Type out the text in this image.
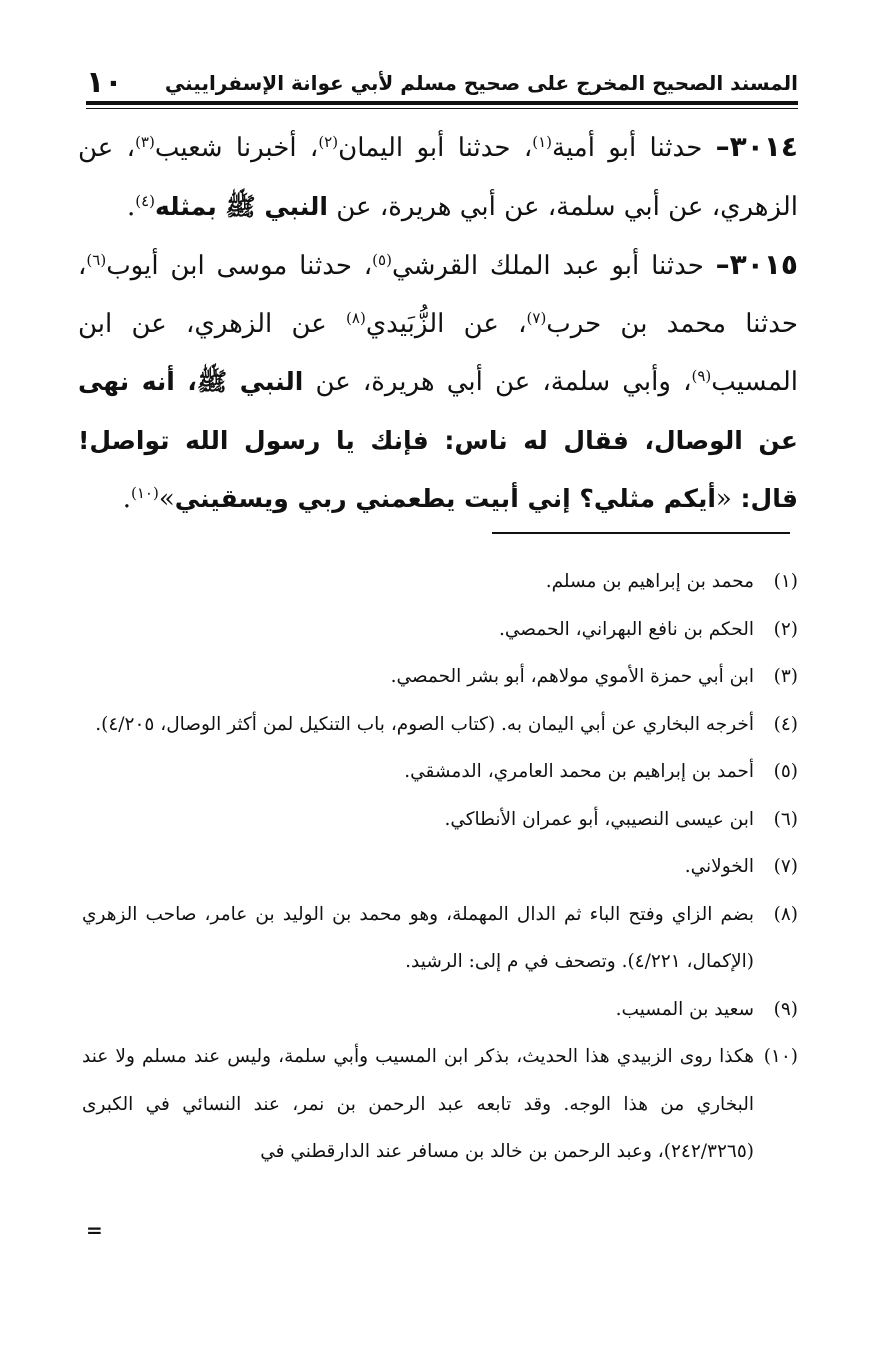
١٠ المسند الصحيح المخرج على صحيح مسلم لأبي عوانة الإسفراييني

٣٠١٤– حدثنا أبو أمية$^{(١)}$، حدثنا أبو اليمان$^{(٢)}$، أخبرنا شعيب$^{(٣)}$، عن الزهري، عن أبي سلمة، عن أبي هريرة، عن النبي ﷺ بمثله$^{(٤)}$.

٣٠١٥– حدثنا أبو عبد الملك القرشي$^{(٥)}$، حدثنا موسى ابن أيوب$^{(٦)}$، حدثنا محمد بن حرب$^{(٧)}$، عن الزُّبَيدي$^{(٨)}$ عن الزهري، عن ابن المسيب$^{(٩)}$، وأبي سلمة، عن أبي هريرة، عن النبي ﷺ، أنه نهى عن الوصال، فقال له ناس: فإنك يا رسول الله تواصل! قال: «أيكم مثلي؟ إني أبيت يطعمني ربي ويسقيني»$^{(١٠)}$.

(١)محمد بن إبراهيم بن مسلم.

(٢)الحكم بن نافع البهراني، الحمصي.

(٣)ابن أبي حمزة الأموي مولاهم، أبو بشر الحمصي.

(٤)أخرجه البخاري عن أبي اليمان به. (كتاب الصوم، باب التنكيل لمن أكثر الوصال، ٤/٢٠٥).

(٥)أحمد بن إبراهيم بن محمد العامري، الدمشقي.

(٦)ابن عيسى النصيبي، أبو عمران الأنطاكي.

(٧)الخولاني.

(٨)بضم الزاي وفتح الباء ثم الدال المهملة، وهو محمد بن الوليد بن عامر، صاحب الزهري (الإكمال، ٤/٢٢١). وتصحف في م إلى: الرشيد.

(٩)سعيد بن المسيب.

(١٠)هكذا روى الزبيدي هذا الحديث، بذكر ابن المسيب وأبي سلمة، وليس عند مسلم ولا عند البخاري من هذا الوجه. وقد تابعه عبد الرحمن بن نمر، عند النسائي في الكبرى (٢٤٢/٣٢٦٥)، وعبد الرحمن بن خالد بن مسافر عند الدارقطني في

=
